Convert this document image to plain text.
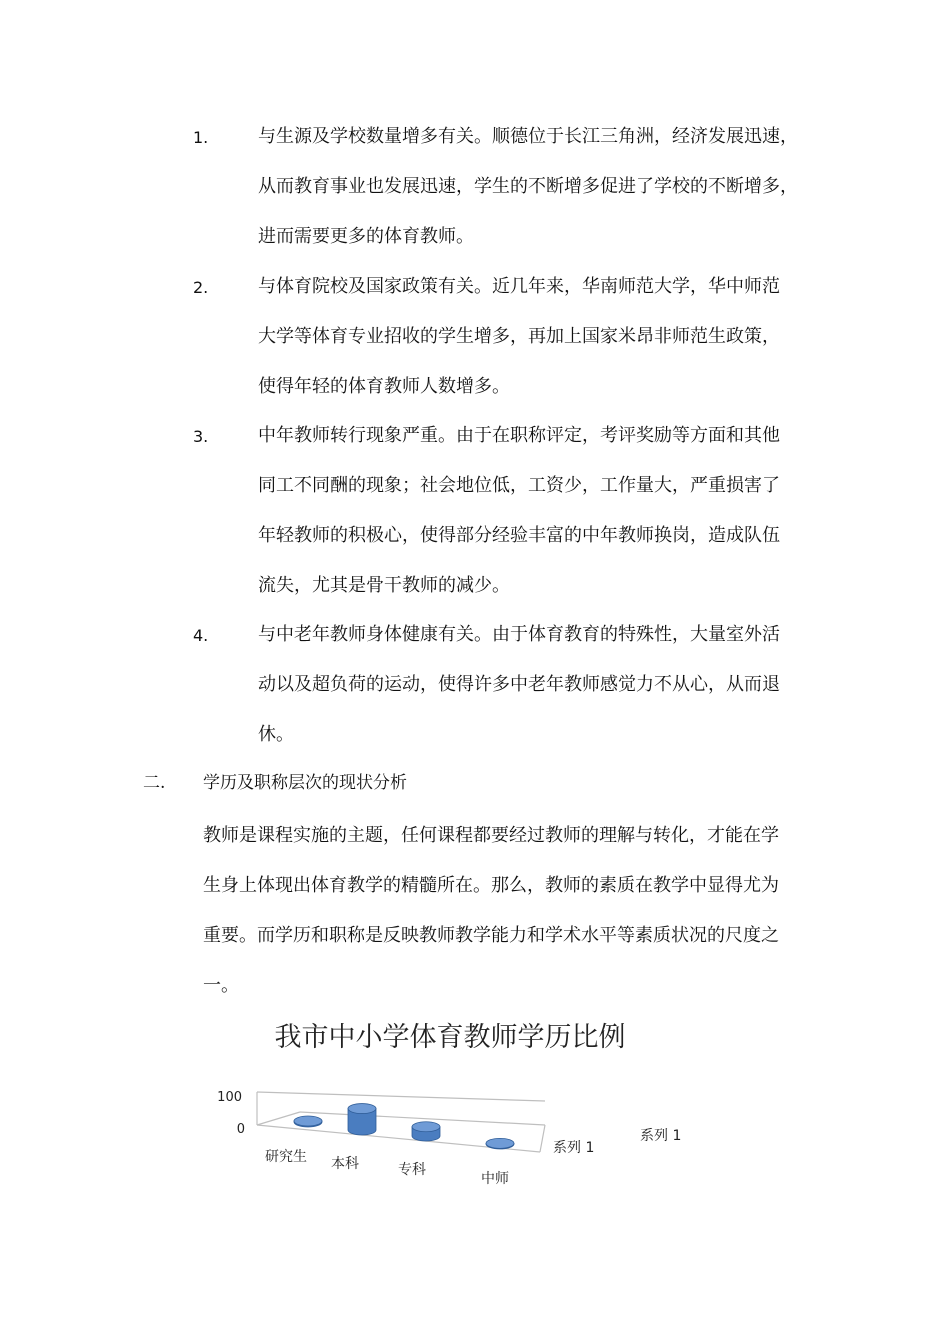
1.	与生源及学校数量增多有关。顺德位于长江三角洲，经济发展迅速，
从而教育事业也发展迅速，学生的不断增多促进了学校的不断增多，
进而需要更多的体育教师。
2.	与体育院校及国家政策有关。近几年来，华南师范大学，华中师范
大学等体育专业招收的学生增多，再加上国家米昂非师范生政策，
使得年轻的体育教师人数增多。
3.	中年教师转行现象严重。由于在职称评定，考评奖励等方面和其他
同工不同酬的现象；社会地位低，工资少，工作量大，严重损害了
年轻教师的积极心，使得部分经验丰富的中年教师换岗，造成队伍
流失，尤其是骨干教师的减少。
4.	与中老年教师身体健康有关。由于体育教育的特殊性，大量室外活
动以及超负荷的运动，使得许多中老年教师感觉力不从心，从而退
休。
二. 学历及职称层次的现状分析
教师是课程实施的主题，任何课程都要经过教师的理解与转化，才能在学
生身上体现出体育教学的精髓所在。那么，教师的素质在教学中显得尤为
重要。而学历和职称是反映教师教学能力和学术水平等素质状况的尺度之
一。
我市中小学体育教师学历比例
100
0
研究生 本科	专科
中师
系列 1
系列 1
